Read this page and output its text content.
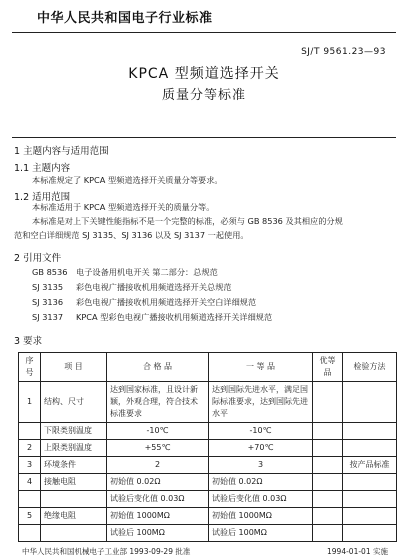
中华人民共和国电子行业标准
SJ/T 9561.23—93
KPCA 型频道选择开关
质量分等标准
1 主题内容与适用范围
1.1 主题内容
本标准规定了 KPCA 型频道选择开关质量分等要求。
1.2 适用范围
本标准适用于 KPCA 型频道选择开关的质量分等。
本标准是对上下关键性能指标不是一个完整的标准，必须与 GB 8536 及其相应的分规
范和空白详细规范 SJ 3135、SJ 3136 以及 SJ 3137 一起使用。
2 引用文件
GB 8536 电子设备用机电开关 第二部分：总规范
SJ 3135 彩色电视广播接收机用频道选择开关总规范
SJ 3136 彩色电视广播接收机用频道选择开关空白详细规范
SJ 3137 KPCA 型彩色电视广播接收机用频道选择开关详细规范
3 要求
序号	项 目	合 格 品	一 等 品	优等品	检验方法
1	结构、尺寸	达到国家标准，且设计新颖，外观合理，符合技术标准要求	达到国际先进水平，满足国际标准要求，达到国际先进水平		
	下限类别温度	-10℃	-10℃		
2	上限类别温度	+55℃	+70℃		
3	环境条件	2	3		按产品标准
4	接触电阻	初始值 0.02Ω	初始值 0.02Ω		
		试验后变化值 0.03Ω	试验后变化值 0.03Ω		
5	绝缘电阻	初始值 1000MΩ	初始值 1000MΩ		
		试验后 100MΩ	试验后 100MΩ		
中华人民共和国机械电子工业部 1993-09-29 批准	1994-01-01 实施
